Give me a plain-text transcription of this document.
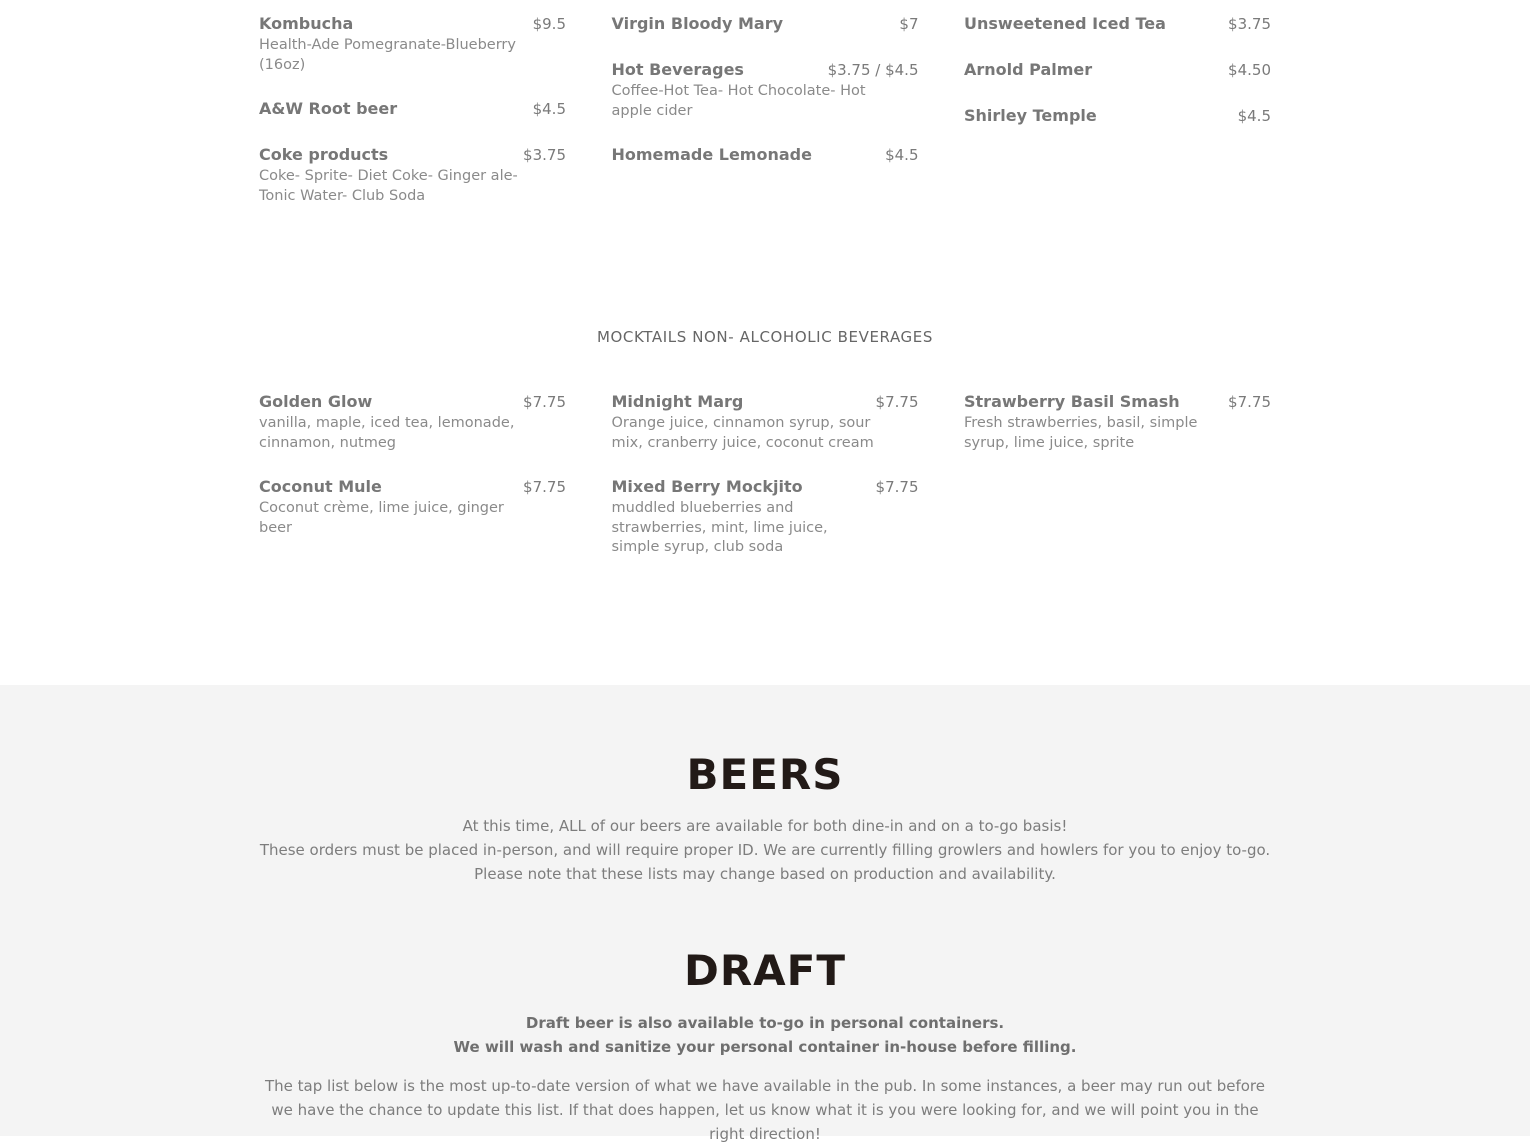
Kombucha	$9.5
Health-Ade Pomegranate-Blueberry (16oz)
A&W Root beer	$4.5
Coke products	$3.75
Coke- Sprite- Diet Coke- Ginger ale- Tonic Water- Club Soda
Virgin Bloody Mary	$7
Hot Beverages	$3.75 / $4.5
Coffee-Hot Tea- Hot Chocolate- Hot apple cider
Homemade Lemonade	$4.5
Unsweetened Iced Tea	$3.75
Arnold Palmer	$4.50
Shirley Temple	$4.5
MOCKTAILS NON- ALCOHOLIC BEVERAGES
Golden Glow	$7.75
vanilla, maple, iced tea, lemonade, cinnamon, nutmeg
Coconut Mule	$7.75
Coconut crème, lime juice, ginger beer
Midnight Marg	$7.75
Orange juice, cinnamon syrup, sour mix, cranberry juice, coconut cream
Mixed Berry Mockjito	$7.75
muddled blueberries and strawberries, mint, lime juice, simple syrup, club soda
Strawberry Basil Smash	$7.75
Fresh strawberries, basil, simple syrup, lime juice, sprite
BEERS
At this time, ALL of our beers are available for both dine-in and on a to-go basis!
These orders must be placed in-person, and will require proper ID. We are currently filling growlers and howlers for you to enjoy to-go.
Please note that these lists may change based on production and availability.
DRAFT
Draft beer is also available to-go in personal containers.
We will wash and sanitize your personal container in-house before filling.
The tap list below is the most up-to-date version of what we have available in the pub. In some instances, a beer may run out before we have the chance to update this list. If that does happen, let us know what it is you were looking for, and we will point you in the right direction!
